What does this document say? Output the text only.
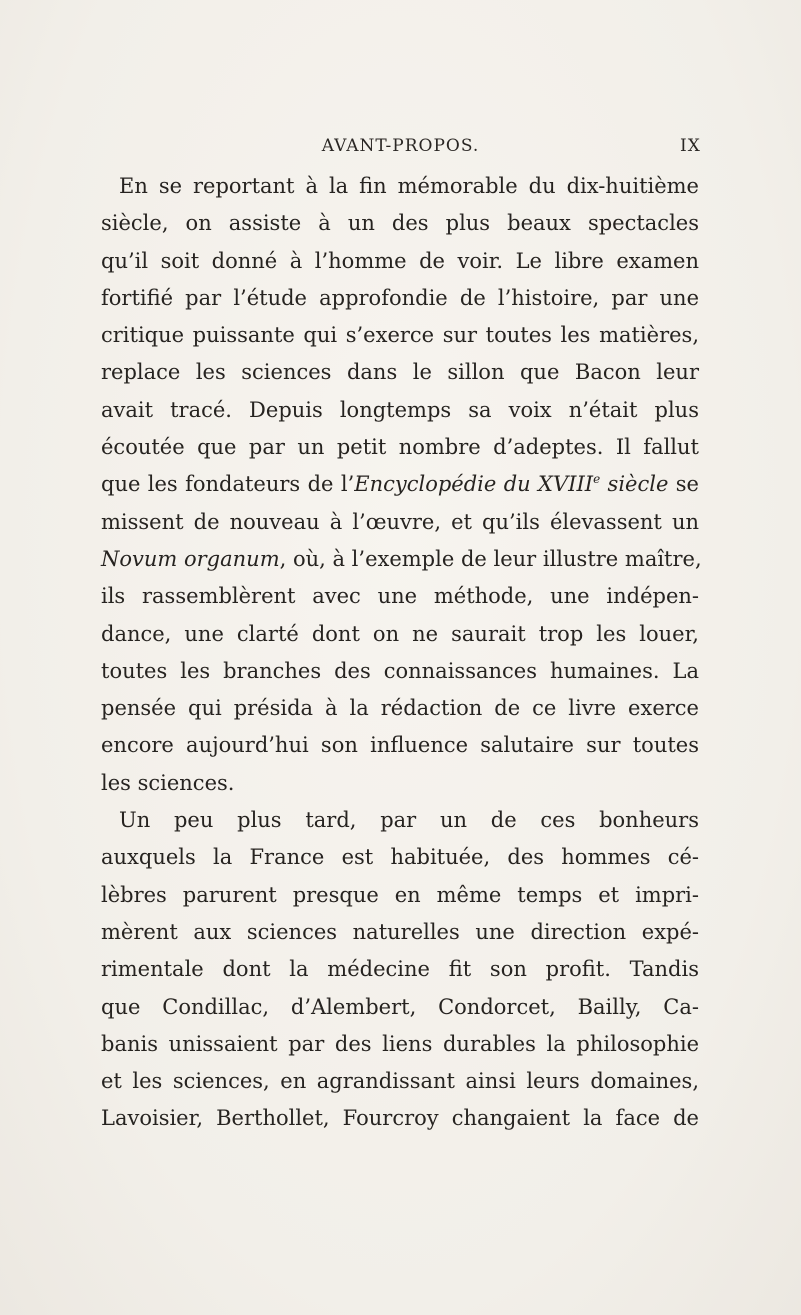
AVANT-PROPOS.	IX
En se reportant à la fin mémorable du dix-huitième
siècle, on assiste à un des plus beaux spectacles
qu’il soit donné à l’homme de voir. Le libre examen
fortifié par l’étude approfondie de l’histoire, par une
critique puissante qui s’exerce sur toutes les matières,
replace les sciences dans le sillon que Bacon leur
avait tracé. Depuis longtemps sa voix n’était plus
écoutée que par un petit nombre d’adeptes. Il fallut
que les fondateurs de l’Encyclopédie du XVIIIe siècle se
missent de nouveau à l’œuvre, et qu’ils élevassent un
Novum organum, où, à l’exemple de leur illustre maître,
ils rassemblèrent avec une méthode, une indépen-
dance, une clarté dont on ne saurait trop les louer,
toutes les branches des connaissances humaines. La
pensée qui présida à la rédaction de ce livre exerce
encore aujourd’hui son influence salutaire sur toutes
les sciences.
Un peu plus tard, par un de ces bonheurs
auxquels la France est habituée, des hommes cé-
lèbres parurent presque en même temps et impri-
mèrent aux sciences naturelles une direction expé-
rimentale dont la médecine fit son profit. Tandis
que Condillac, d’Alembert, Condorcet, Bailly, Ca-
banis unissaient par des liens durables la philosophie
et les sciences, en agrandissant ainsi leurs domaines,
Lavoisier, Berthollet, Fourcroy changaient la face de
